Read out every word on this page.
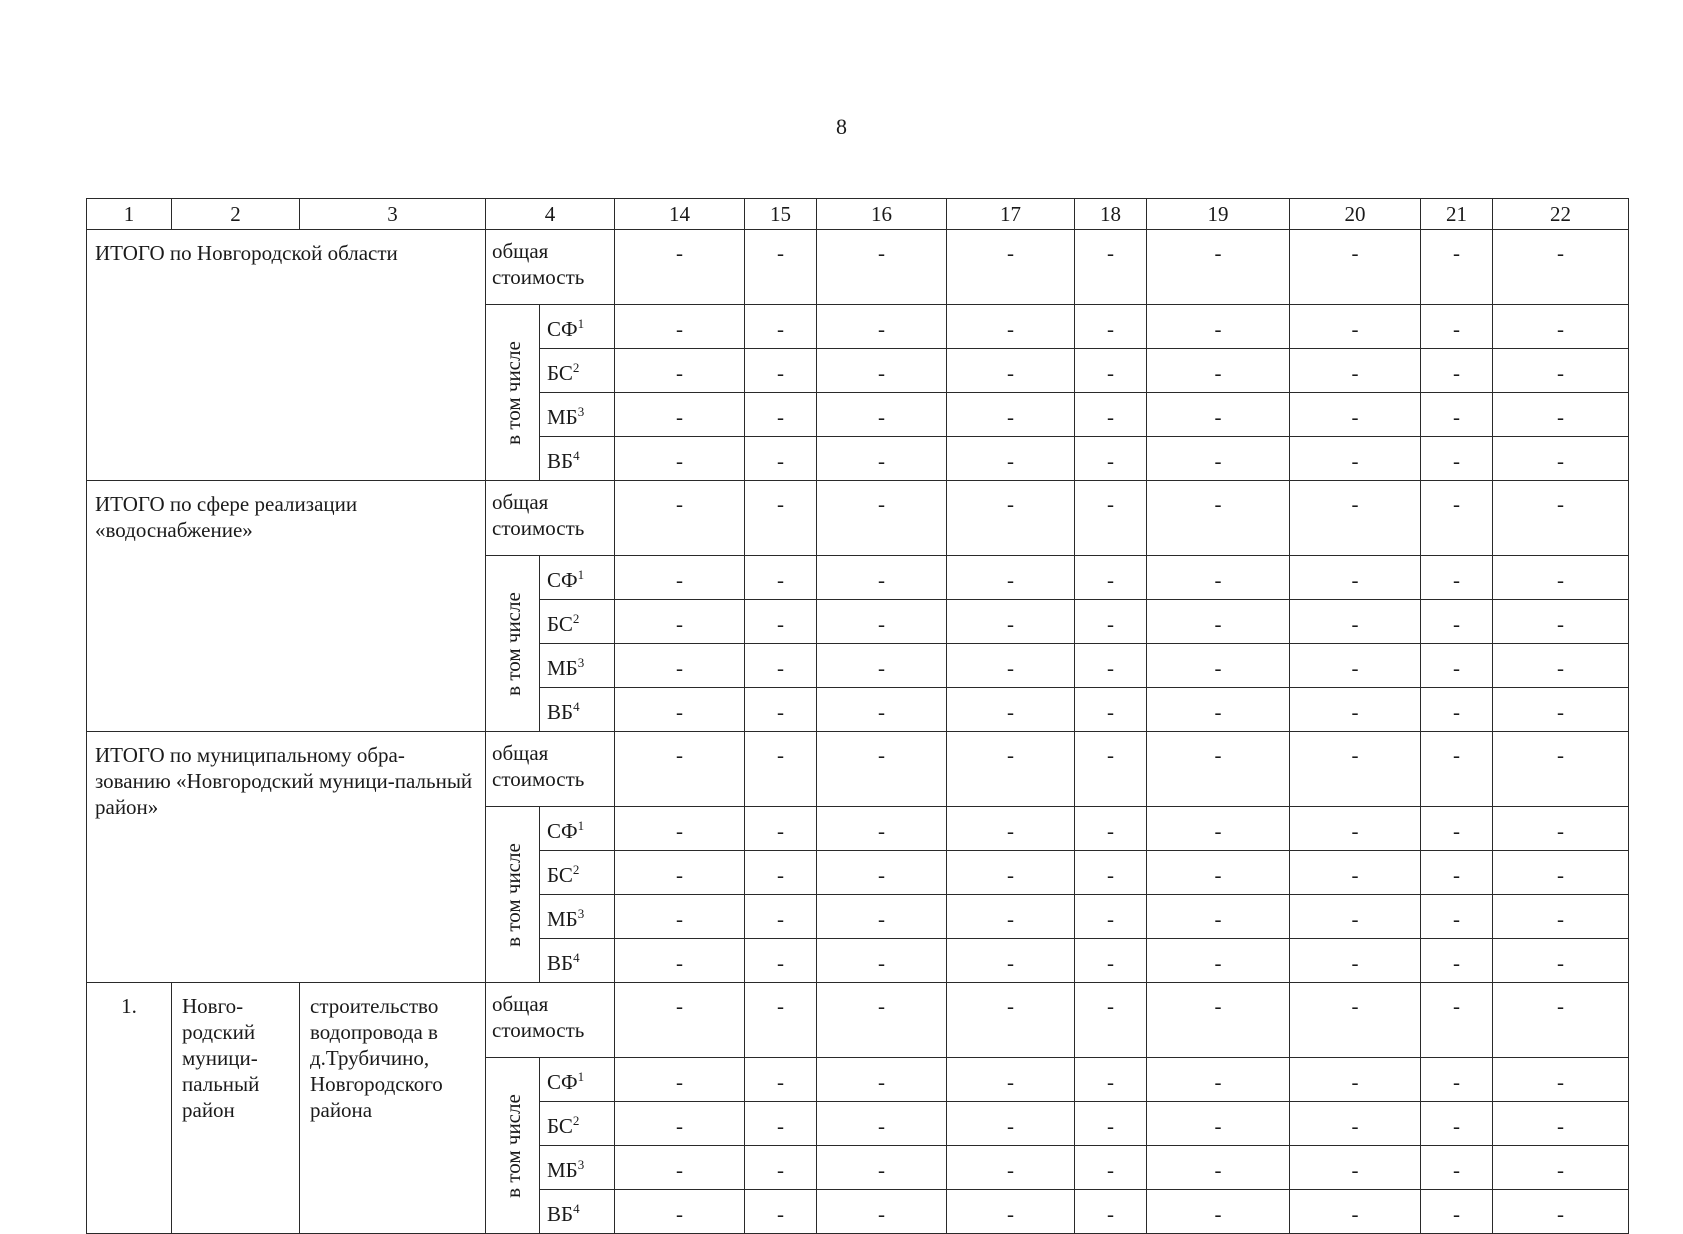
8
1	2	3	4		14	15	16	17	18	19	20	21	22
ИТОГО по Новгородской области			общая стоимость		-	-	-	-	-	-	-	-	-

			в том числе	$СФ^1$	-	-	-	-	-	-	-	-	-
				$БС^2$	-	-	-	-	-	-	-	-	-
				$МБ^3$	-	-	-	-	-	-	-	-	-
				$ВБ^4$	-	-	-	-	-	-	-	-	-
ИТОГО по сфере реализации «водоснабжение»			общая стоимость		-	-	-	-	-	-	-	-	-

			в том числе	$СФ^1$	-	-	-	-	-	-	-	-	-
				$БС^2$	-	-	-	-	-	-	-	-	-
				$МБ^3$	-	-	-	-	-	-	-	-	-
				$ВБ^4$	-	-	-	-	-	-	-	-	-
ИТОГО по муниципальному обра-зованию «Новгородский муници-пальный район»			общая стоимость		-	-	-	-	-	-	-	-	-

			в том числе	$СФ^1$	-	-	-	-	-	-	-	-	-
				$БС^2$	-	-	-	-	-	-	-	-	-
				$МБ^3$	-	-	-	-	-	-	-	-	-
				$ВБ^4$	-	-	-	-	-	-	-	-	-
1.	Новго-родский муници-пальный район	строительство водопровода в д.Трубичино, Новгородского района	общая стоимость		-	-	-	-	-	-	-	-	-

			в том числе	$СФ^1$	-	-	-	-	-	-	-	-	-
				$БС^2$	-	-	-	-	-	-	-	-	-
				$МБ^3$	-	-	-	-	-	-	-	-	-
				$ВБ^4$	-	-	-	-	-	-	-	-	-
